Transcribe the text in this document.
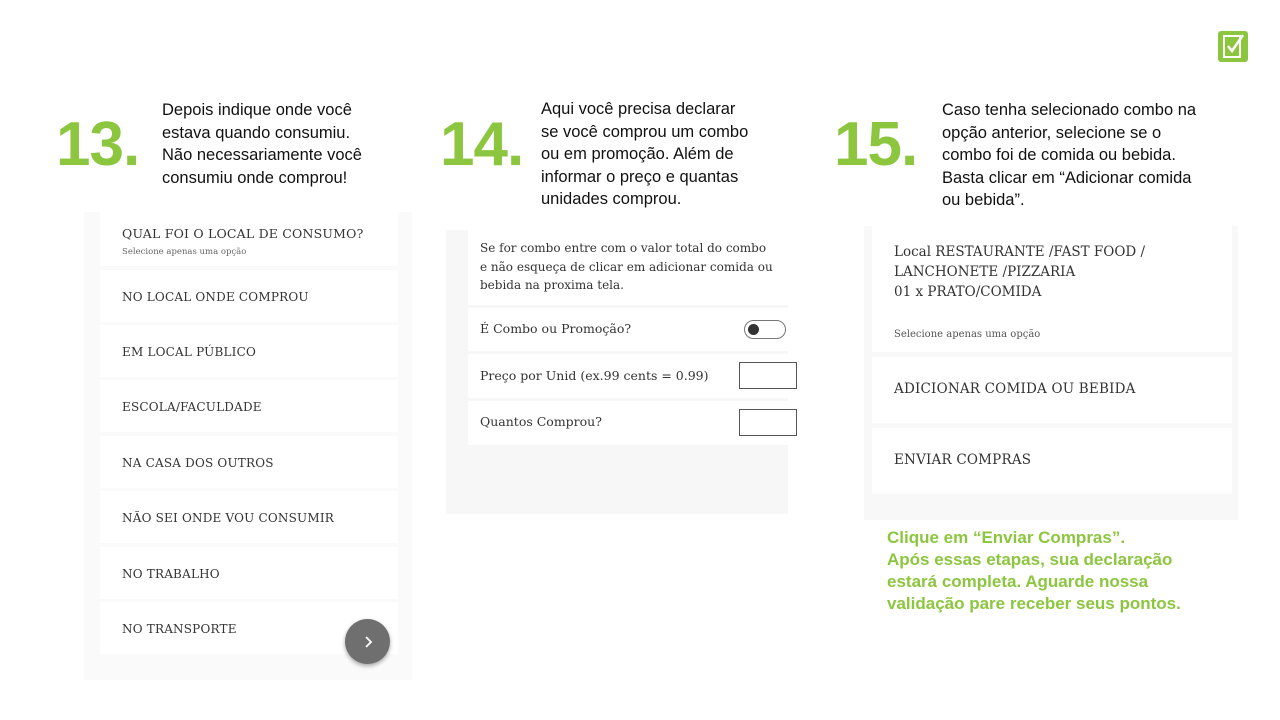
13. Depois indique onde você
estava quando consumiu.
Não necessariamente você
consumiu onde comprou! 14.
Aqui você precisa declarar
se você comprou um combo
ou em promoção. Além de
informar o preço e quantas
unidades comprou.
15. Caso tenha selecionado combo na
opção anterior, selecione se o
combo foi de comida ou bebida.
Basta clicar em “Adicionar comida
ou bebida”.
QUAL FOI O LOCAL DE CONSUMO?
Selecione apenas uma opção
NO LOCAL ONDE COMPROU
EM LOCAL PÚBLICO
ESCOLA/FACULDADE
NA CASA DOS OUTROS
NÃO SEI ONDE VOU CONSUMIR
NO TRABALHO
NO TRANSPORTE
Se for combo entre com o valor total do combo
e não esqueça de clicar em adicionar comida ou
bebida na proxima tela.
É Combo ou Promoção?
Preço por Unid (ex.99 cents = 0.99)
Quantos Comprou?
Local RESTAURANTE /FAST FOOD /
LANCHONETE /PIZZARIA
01 x PRATO/COMIDA
Selecione apenas uma opção
ADICIONAR COMIDA OU BEBIDA
ENVIAR COMPRAS
Clique em “Enviar Compras”.
Após essas etapas, sua declaração
estará completa. Aguarde nossa
validação pare receber seus pontos.
